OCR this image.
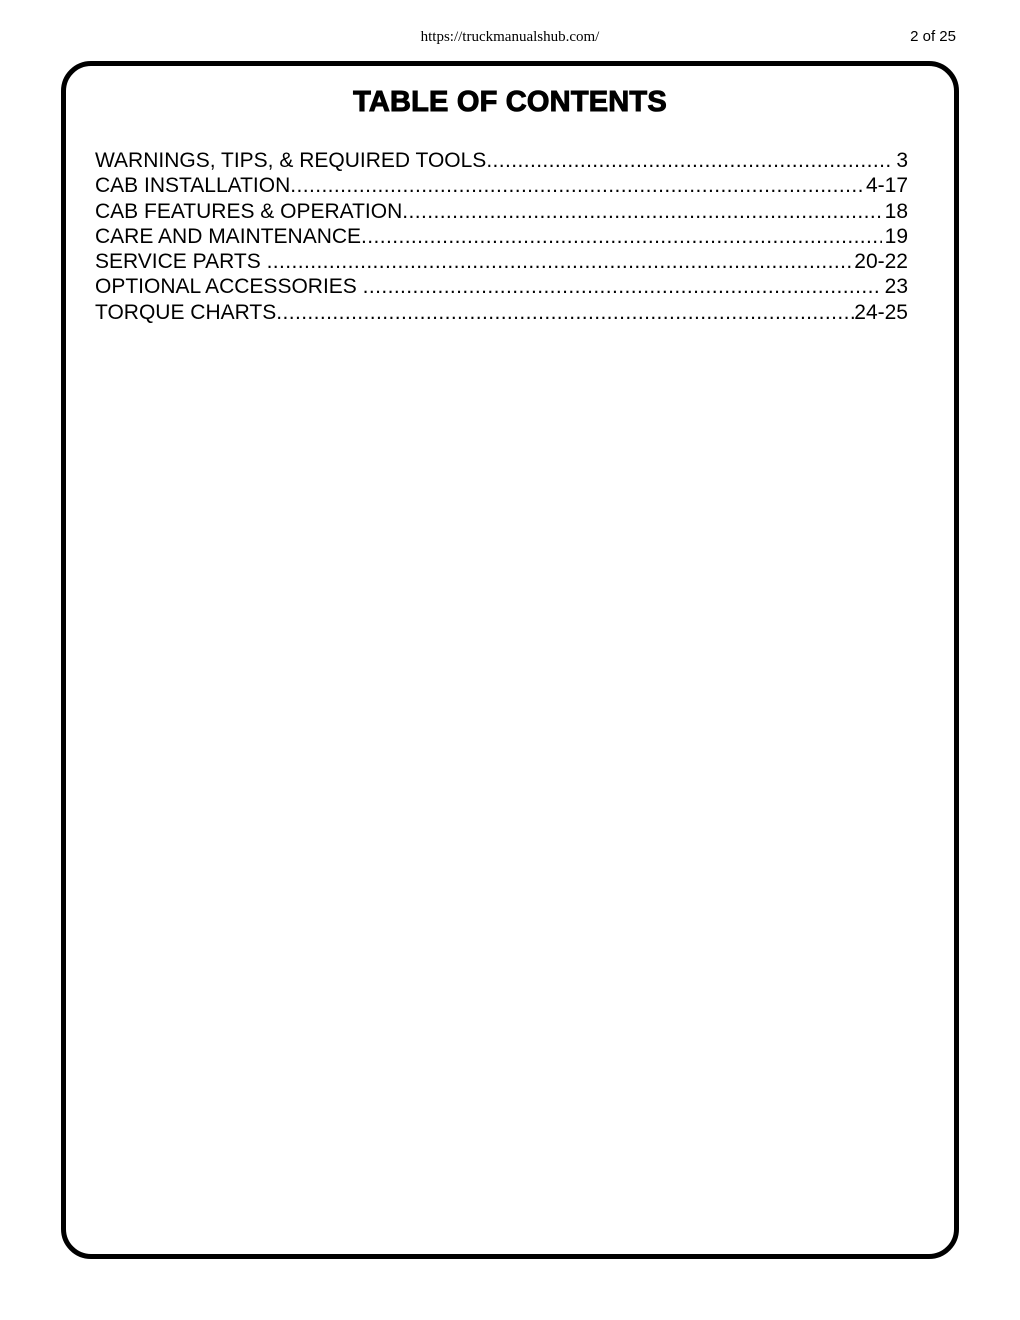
https://truckmanualshub.com/	2 of 25
TABLE OF CONTENTS
WARNINGS, TIPS, & REQUIRED TOOLS .....	3
CAB INSTALLATION .....	4-17
CAB FEATURES & OPERATION .....	18
CARE AND MAINTENANCE .....	19
SERVICE PARTS .....	20-22
OPTIONAL ACCESSORIES .....	23
TORQUE CHARTS .....	24-25
